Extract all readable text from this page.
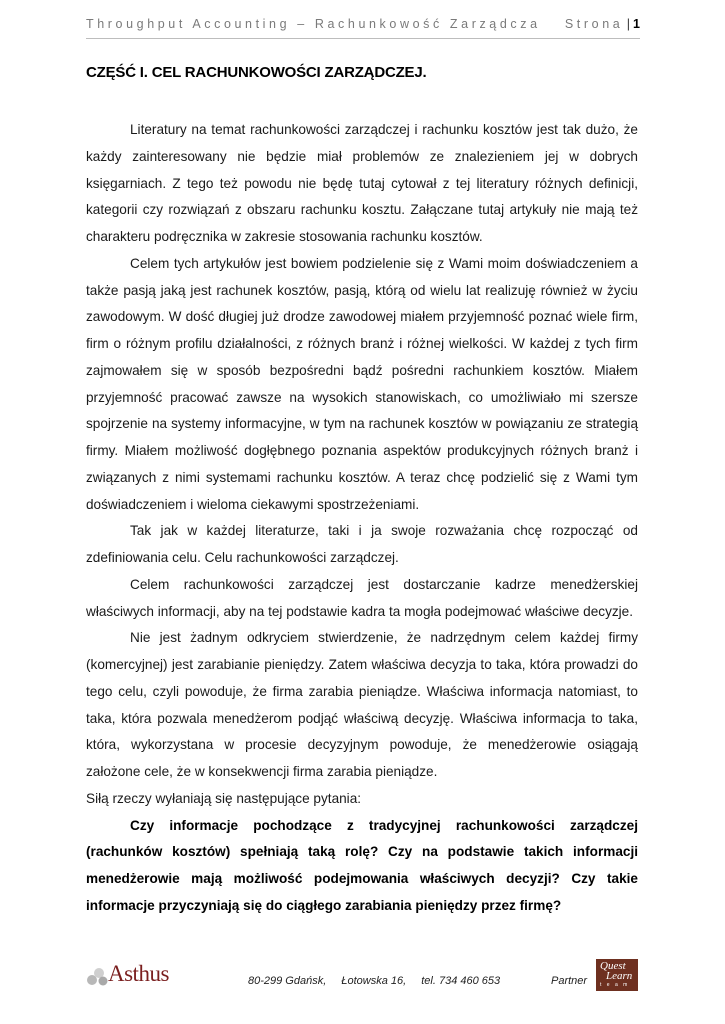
Throughput Accounting – Rachunkowość Zarządcza Strona | 1
CZĘŚĆ I. CEL RACHUNKOWOŚCI ZARZĄDCZEJ.

Literatury na temat rachunkowości zarządczej i rachunku kosztów jest tak dużo, że każdy zainteresowany nie będzie miał problemów ze znalezieniem jej w dobrych księgarniach. Z tego też powodu nie będę tutaj cytował z tej literatury różnych definicji, kategorii czy rozwiązań z obszaru rachunku kosztu. Załączane tutaj artykuły nie mają też charakteru podręcznika w zakresie stosowania rachunku kosztów.

Celem tych artykułów jest bowiem podzielenie się z Wami moim doświadczeniem a także pasją jaką jest rachunek kosztów, pasją, którą od wielu lat realizuję również w życiu zawodowym. W dość długiej już drodze zawodowej miałem przyjemność poznać wiele firm, firm o różnym profilu działalności, z różnych branż i różnej wielkości. W każdej z tych firm zajmowałem się w sposób bezpośredni bądź pośredni rachunkiem kosztów. Miałem przyjemność pracować zawsze na wysokich stanowiskach, co umożliwiało mi szersze spojrzenie na systemy informacyjne, w tym na rachunek kosztów w powiązaniu ze strategią firmy. Miałem możliwość dogłębnego poznania aspektów produkcyjnych różnych branż i związanych z nimi systemami rachunku kosztów. A teraz chcę podzielić się z Wami tym doświadczeniem i wieloma ciekawymi spostrzeżeniami.

Tak jak w każdej literaturze, taki i ja swoje rozważania chcę rozpocząć od zdefiniowania celu. Celu rachunkowości zarządczej.

Celem rachunkowości zarządczej jest dostarczanie kadrze menedżerskiej właściwych informacji, aby na tej podstawie kadra ta mogła podejmować właściwe decyzje.

Nie jest żadnym odkryciem stwierdzenie, że nadrzędnym celem każdej firmy (komercyjnej) jest zarabianie pieniędzy. Zatem właściwa decyzja to taka, która prowadzi do tego celu, czyli powoduje, że firma zarabia pieniądze. Właściwa informacja natomiast, to taka, która pozwala menedżerom podjąć właściwą decyzję. Właściwa informacja to taka, która, wykorzystana w procesie decyzyjnym powoduje, że menedżerowie osiągają założone cele, że w konsekwencji firma zarabia pieniądze.

Siłą rzeczy wyłaniają się następujące pytania:

Czy informacje pochodzące z tradycyjnej rachunkowości zarządczej (rachunków kosztów) spełniają taką rolę? Czy na podstawie takich informacji menedżerowie mają możliwość podejmowania właściwych decyzji? Czy takie informacje przyczyniają się do ciągłego zarabiania pieniędzy przez firmę?

Asthus	80-299 Gdańsk, Łotowska 16, tel. 734 460 653	Partner
Quest
Learn
t e a m
